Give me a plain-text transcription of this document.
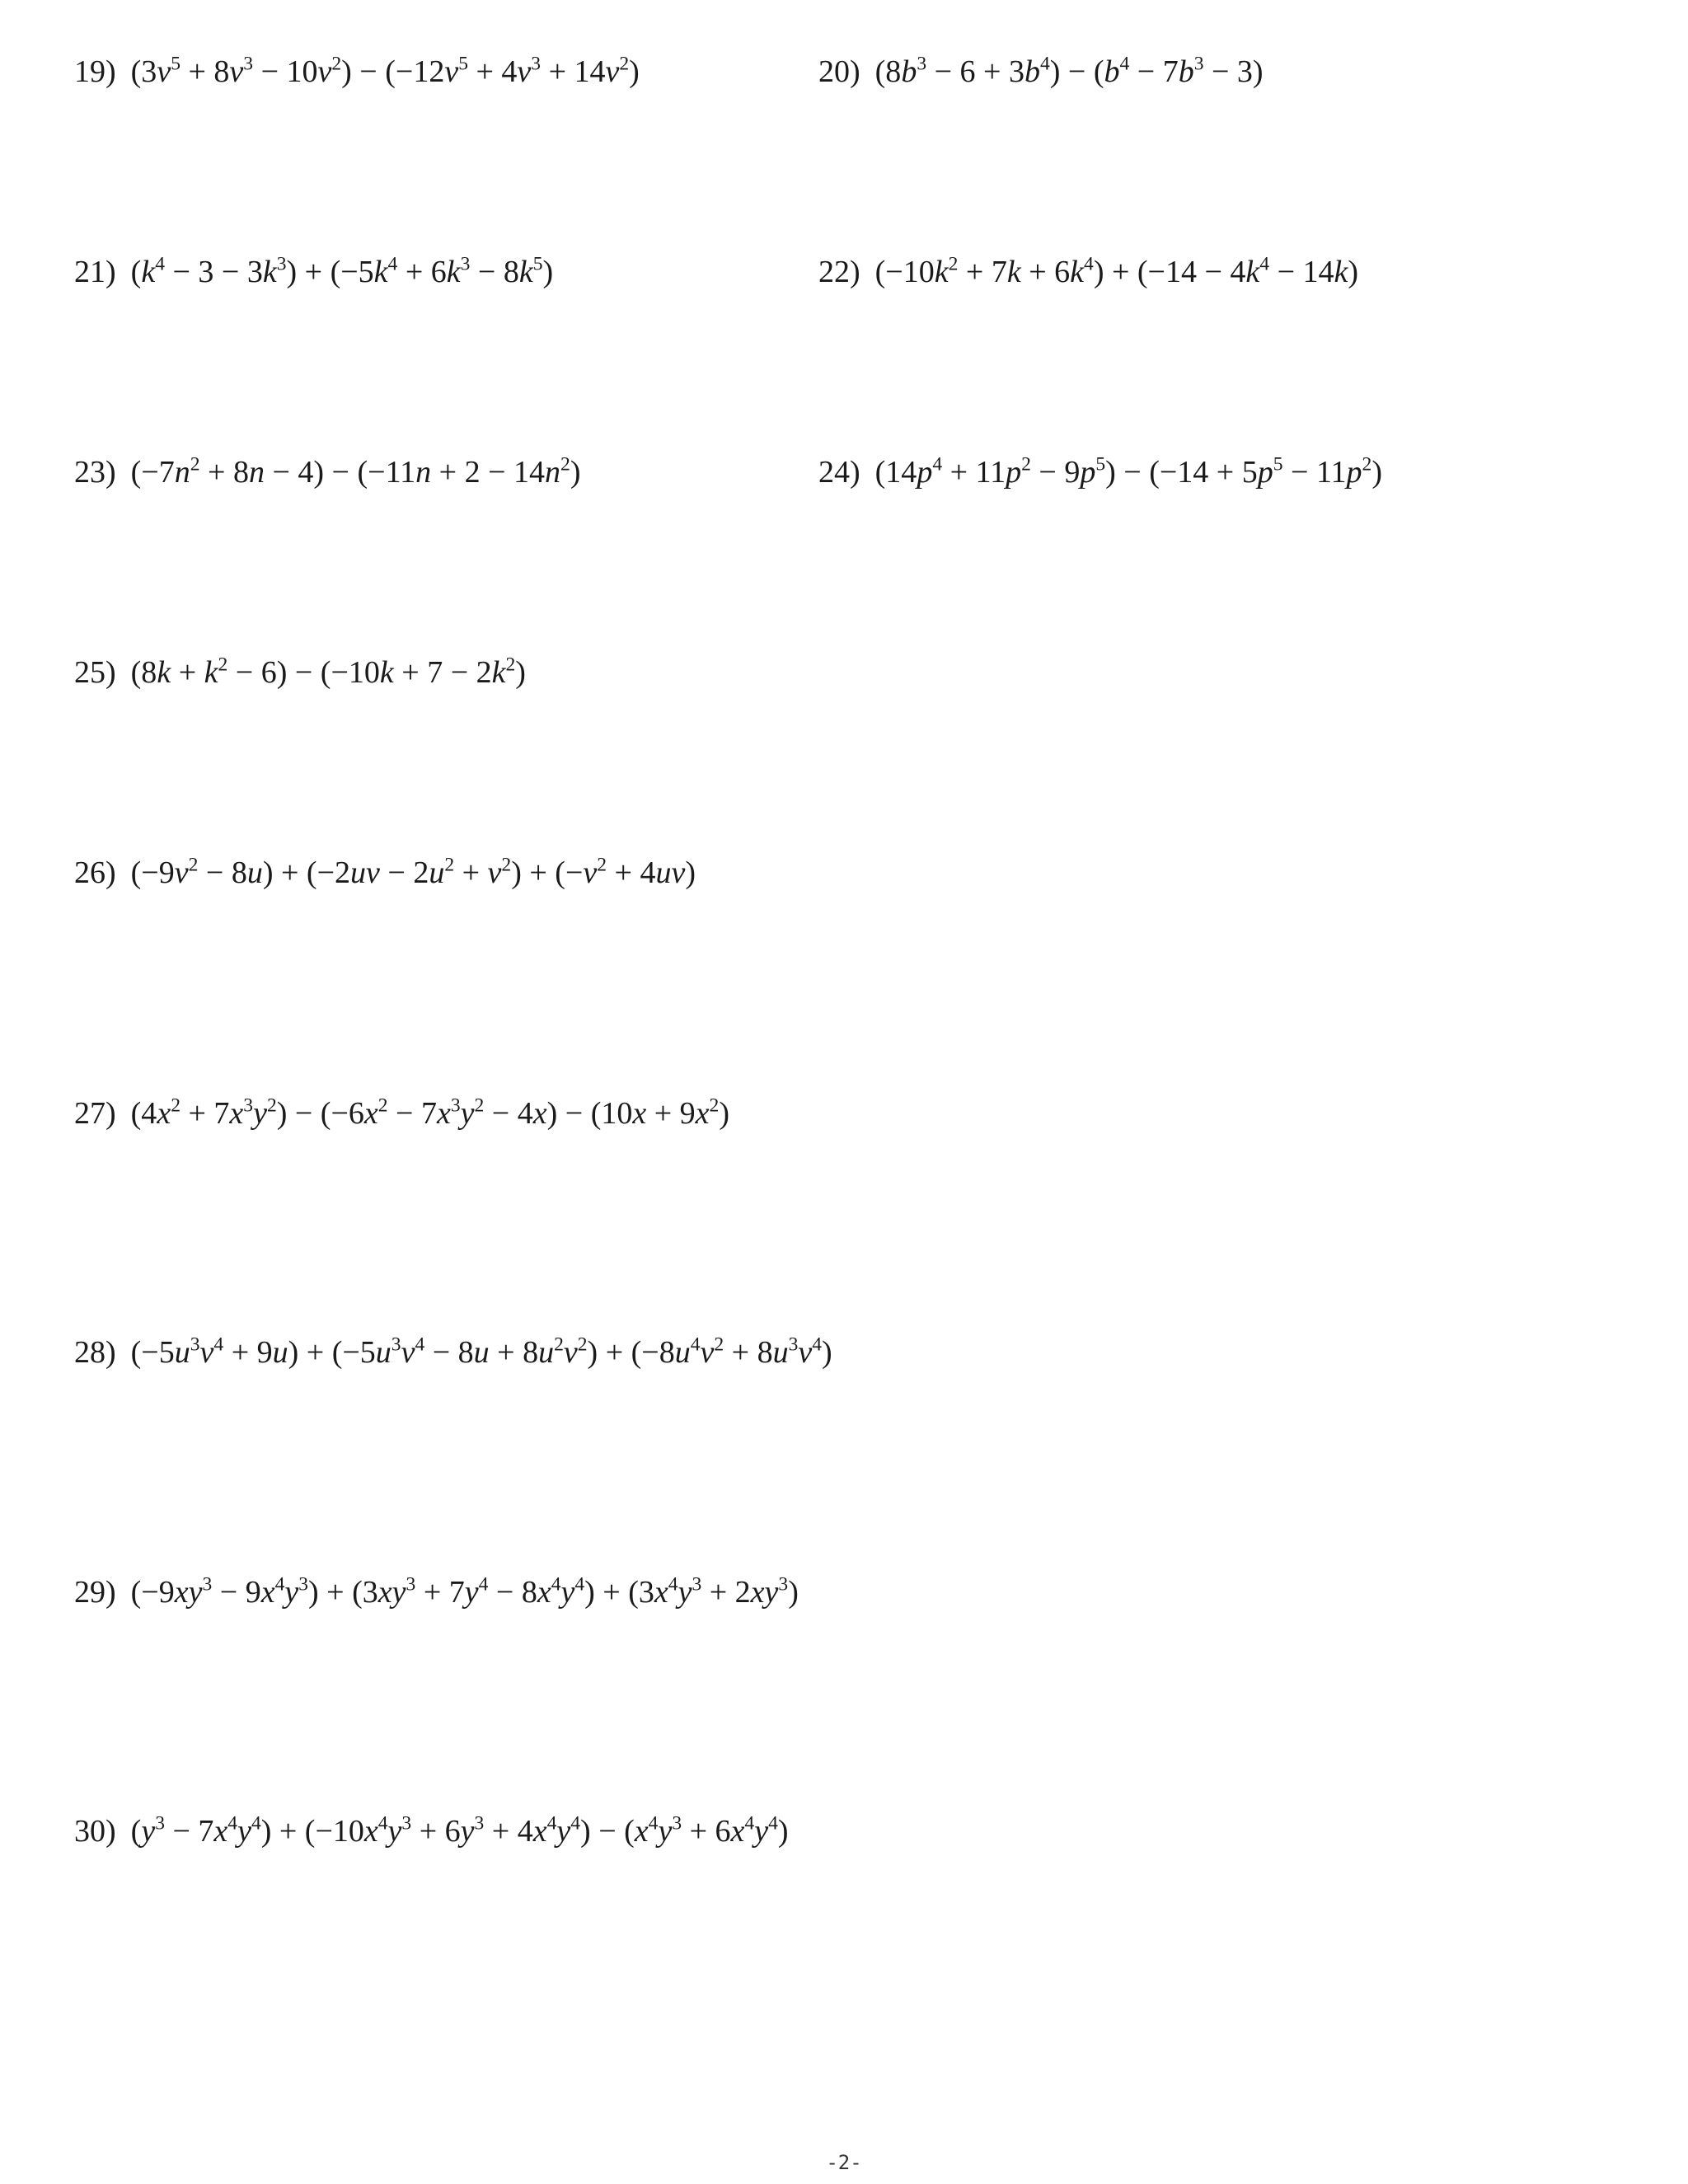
19) $(3v^5 + 8v^3 - 10v^2) - (-12v^5 + 4v^3 + 14v^2)$	20) $(8b^3 - 6 + 3b^4) - (b^4 - 7b^3 - 3)$
21) $(k^4 - 3 - 3k^3) + (-5k^4 + 6k^3 - 8k^5)$	22) $(-10k^2 + 7k + 6k^4) + (-14 - 4k^4 - 14k)$
23) $(-7n^2 + 8n - 4) - (-11n + 2 - 14n^2)$	24) $(14p^4 + 11p^2 - 9p^5) - (-14 + 5p^5 - 11p^2)$
25) $(8k + k^2 - 6) - (-10k + 7 - 2k^2)$
26) $(-9v^2 - 8u) + (-2uv - 2u^2 + v^2) + (-v^2 + 4uv)$
27) $(4x^2 + 7x^3y^2) - (-6x^2 - 7x^3y^2 - 4x) - (10x + 9x^2)$
28) $(-5u^3v^4 + 9u) + (-5u^3v^4 - 8u + 8u^2v^2) + (-8u^4v^2 + 8u^3v^4)$
29) $(-9xy^3 - 9x^4y^3) + (3xy^3 + 7y^4 - 8x^4y^4) + (3x^4y^3 + 2xy^3)$
30) $(y^3 - 7x^4y^4) + (-10x^4y^3 + 6y^3 + 4x^4y^4) - (x^4y^3 + 6x^4y^4)$
-2-
